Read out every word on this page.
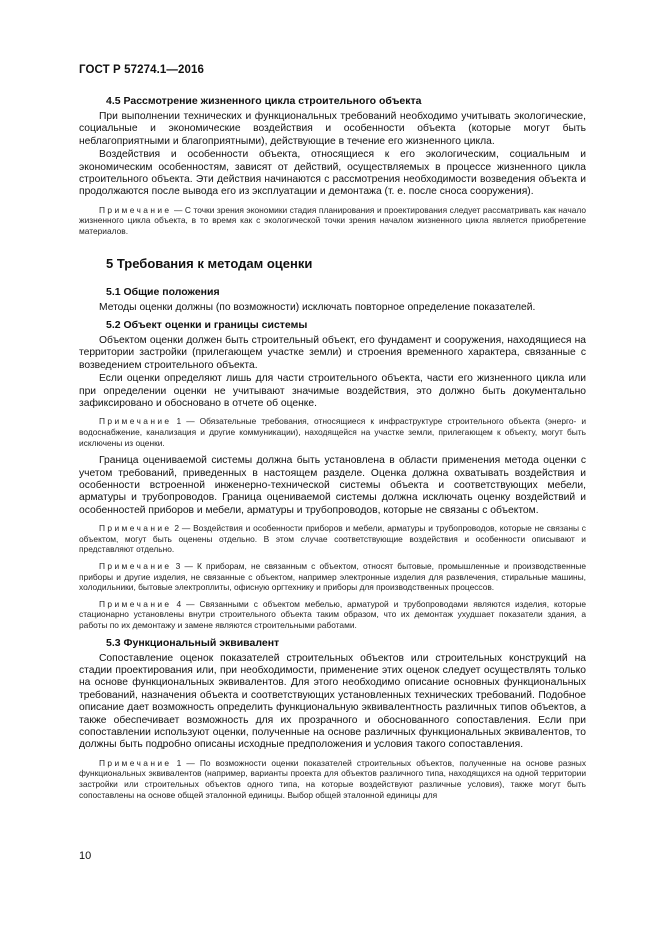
ГОСТ Р 57274.1—2016

4.5 Рассмотрение жизненного цикла строительного объекта

При выполнении технических и функциональных требований необходимо учитывать экологические, социальные и экономические воздействия и особенности объекта (которые могут быть неблагоприятными и благоприятными), действующие в течение его жизненного цикла.

Воздействия и особенности объекта, относящиеся к его экологическим, социальным и экономическим особенностям, зависят от действий, осуществляемых в процессе жизненного цикла строительного объекта. Эти действия начинаются с рассмотрения необходимости возведения объекта и продолжаются после вывода его из эксплуатации и демонтажа (т. е. после сноса сооружения).

Примечание — С точки зрения экономики стадия планирования и проектирования следует рассматривать как начало жизненного цикла объекта, в то время как с экологической точки зрения началом жизненного цикла является приобретение материалов.

5 Требования к методам оценки

5.1 Общие положения

Методы оценки должны (по возможности) исключать повторное определение показателей.

5.2 Объект оценки и границы системы

Объектом оценки должен быть строительный объект, его фундамент и сооружения, находящиеся на территории застройки (прилегающем участке земли) и строения временного характера, связанные с возведением строительного объекта.

Если оценки определяют лишь для части строительного объекта, части его жизненного цикла или при определении оценки не учитывают значимые воздействия, это должно быть документально зафиксировано и обосновано в отчете об оценке.

Примечание 1 — Обязательные требования, относящиеся к инфраструктуре строительного объекта (энерго- и водоснабжение, канализация и другие коммуникации), находящейся на участке земли, прилегающем к объекту, могут быть исключены из оценки.

Граница оцениваемой системы должна быть установлена в области применения метода оценки с учетом требований, приведенных в настоящем разделе. Оценка должна охватывать воздействия и особенности встроенной инженерно-технической системы объекта и соответствующих мебели, арматуры и трубопроводов. Граница оцениваемой системы должна исключать оценку воздействий и особенностей приборов и мебели, арматуры и трубопроводов, которые не связаны с объектом.

Примечание 2 — Воздействия и особенности приборов и мебели, арматуры и трубопроводов, которые не связаны с объектом, могут быть оценены отдельно. В этом случае соответствующие воздействия и особенности описывают и представляют отдельно.

Примечание 3 — К приборам, не связанным с объектом, относят бытовые, промышленные и производственные приборы и другие изделия, не связанные с объектом, например электронные изделия для развлечения, стиральные машины, холодильники, бытовые электроплиты, офисную оргтехнику и приборы для производственных процессов.

Примечание 4 — Связанными с объектом мебелью, арматурой и трубопроводами являются изделия, которые стационарно установлены внутри строительного объекта таким образом, что их демонтаж ухудшает показатели здания, а работы по их демонтажу и замене являются строительными работами.

5.3 Функциональный эквивалент

Сопоставление оценок показателей строительных объектов или строительных конструкций на стадии проектирования или, при необходимости, применение этих оценок следует осуществлять только на основе функциональных эквивалентов. Для этого необходимо описание основных функциональных требований, назначения объекта и соответствующих установленных технических требований. Подобное описание дает возможность определить функциональную эквивалентность различных типов объектов, а также обеспечивает возможность для их прозрачного и обоснованного сопоставления. Если при сопоставлении используют оценки, полученные на основе различных функциональных эквивалентов, то должны быть подробно описаны исходные предположения и условия такого сопоставления.

Примечание 1 — По возможности оценки показателей строительных объектов, полученные на основе разных функциональных эквивалентов (например, варианты проекта для объектов различного типа, находящихся на одной территории застройки или строительных объектов одного типа, на которые воздействуют различные условия), также могут быть сопоставлены на основе общей эталонной единицы. Выбор общей эталонной единицы для

10
